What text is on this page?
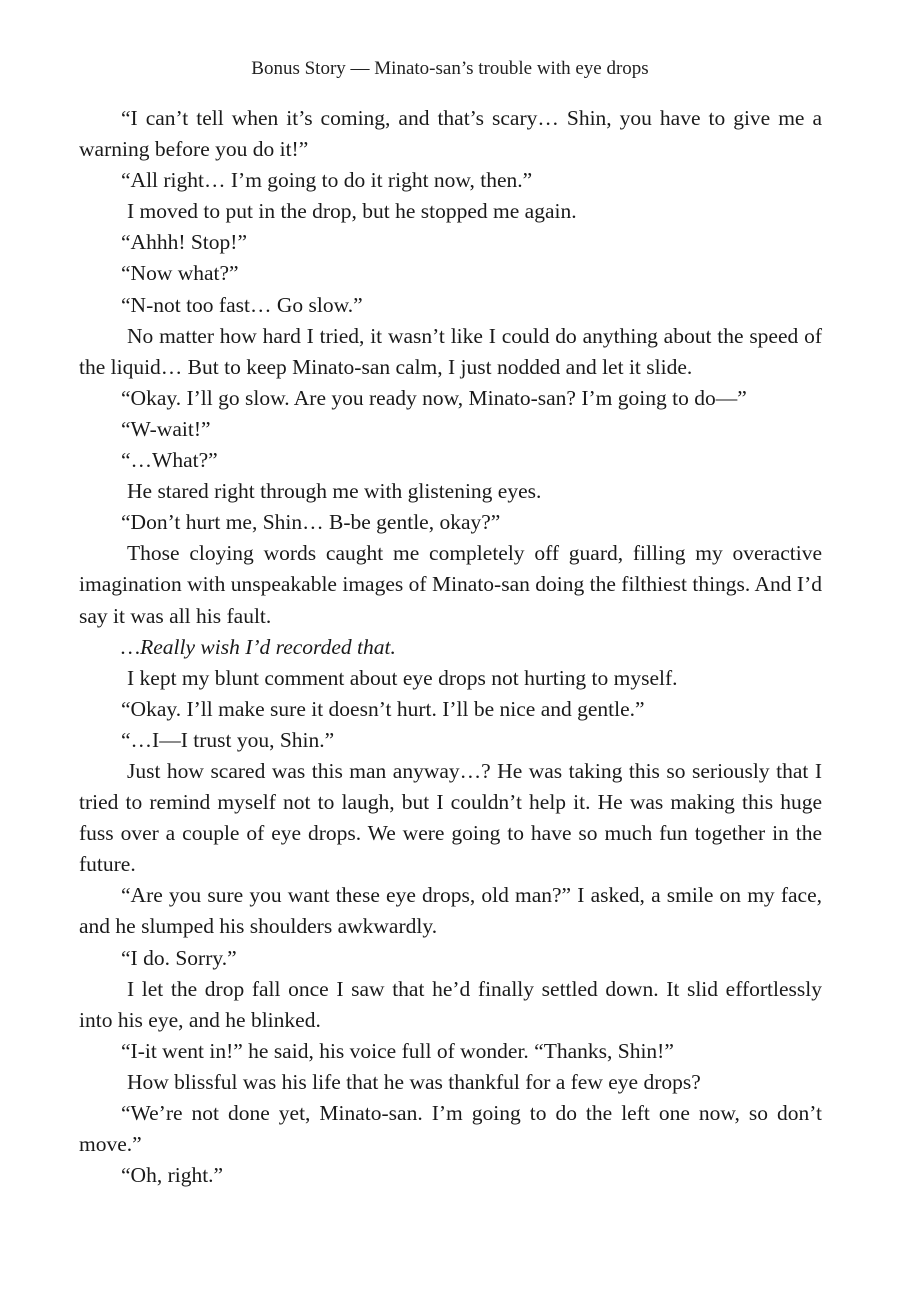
Bonus Story — Minato-san’s trouble with eye drops

“I can’t tell when it’s coming, and that’s scary… Shin, you have to give me a warning before you do it!”

“All right… I’m going to do it right now, then.”

I moved to put in the drop, but he stopped me again.

“Ahhh! Stop!”

“Now what?”

“N-not too fast… Go slow.”

No matter how hard I tried, it wasn’t like I could do anything about the speed of the liquid… But to keep Minato-san calm, I just nodded and let it slide.

“Okay. I’ll go slow. Are you ready now, Minato-san? I’m going to do—”

“W-wait!”

“…What?”

He stared right through me with glistening eyes.

“Don’t hurt me, Shin… B-be gentle, okay?”

Those cloying words caught me completely off guard, filling my overactive imagination with unspeakable images of Minato-san doing the filthiest things. And I’d say it was all his fault.

…Really wish I’d recorded that.

I kept my blunt comment about eye drops not hurting to myself.

“Okay. I’ll make sure it doesn’t hurt. I’ll be nice and gentle.”

“…I—I trust you, Shin.”

Just how scared was this man anyway…? He was taking this so seriously that I tried to remind myself not to laugh, but I couldn’t help it. He was making this huge fuss over a couple of eye drops. We were going to have so much fun together in the future.

“Are you sure you want these eye drops, old man?” I asked, a smile on my face, and he slumped his shoulders awkwardly.

“I do. Sorry.”

I let the drop fall once I saw that he’d finally settled down. It slid effortlessly into his eye, and he blinked.

“I-it went in!” he said, his voice full of wonder. “Thanks, Shin!”

How blissful was his life that he was thankful for a few eye drops?

“We’re not done yet, Minato-san. I’m going to do the left one now, so don’t move.”

“Oh, right.”
